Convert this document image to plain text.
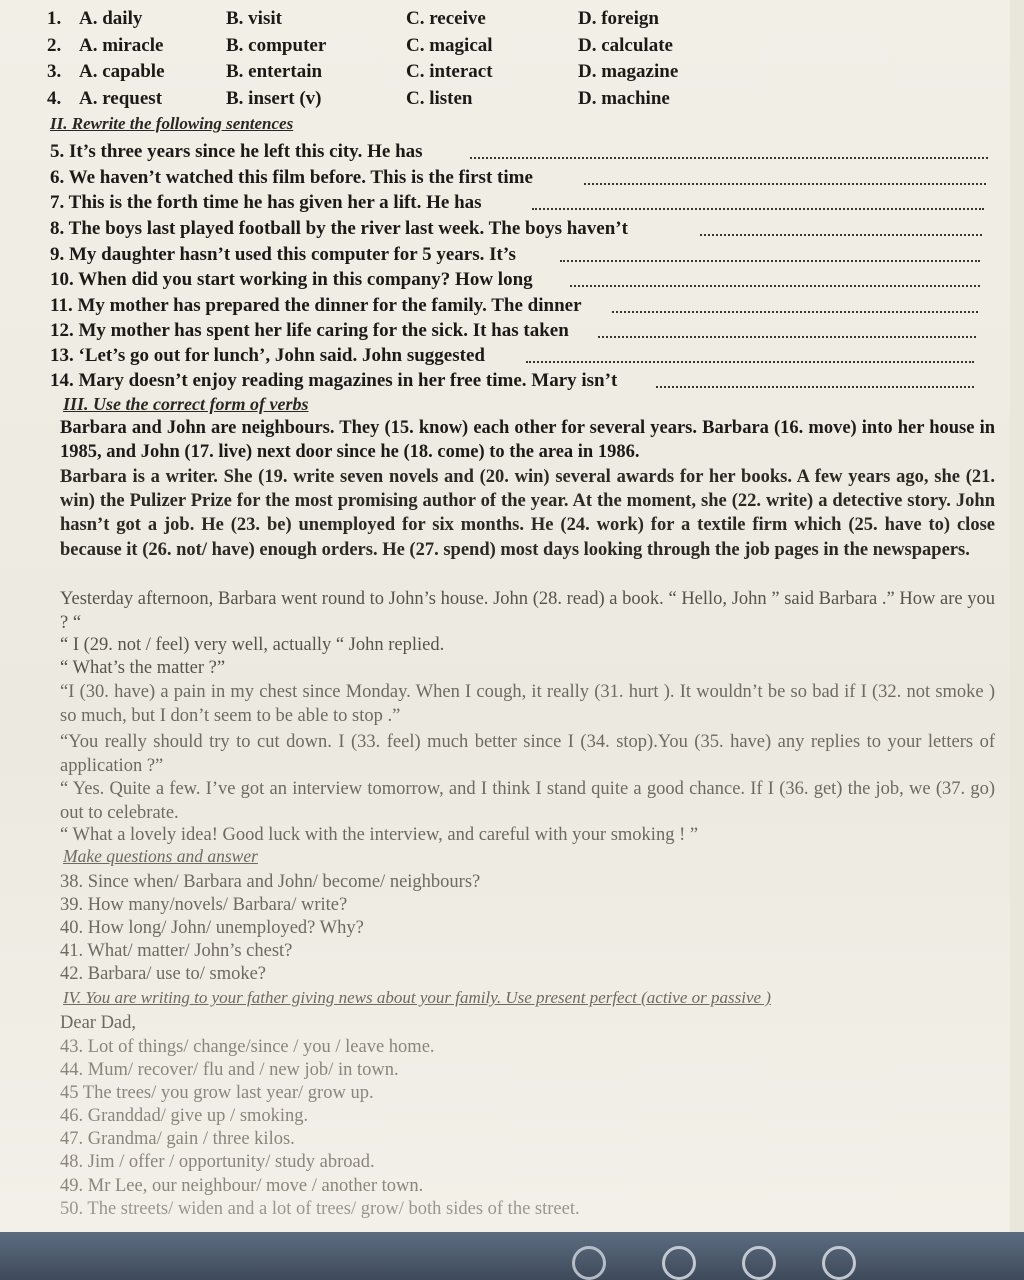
1. A. daily	B. visit	C. receive	D. foreign
2. A. miracle	B. computer	C. magical	D. calculate
3. A. capable	B. entertain	C. interact	D. magazine
4. A. request	B. insert (v)	C. listen	D. machine
II. Rewrite the following sentences
5. It’s three years since he left this city. He has
6. We haven’t watched this film before. This is the first time
7. This is the forth time he has given her a lift. He has
8. The boys last played football by the river last week. The boys haven’t
9. My daughter hasn’t used this computer for 5 years. It’s
10. When did you start working in this company? How long
11. My mother has prepared the dinner for the family. The dinner
12. My mother has spent her life caring for the sick. It has taken
13. ‘Let’s go out for lunch’, John said. John suggested
14. Mary doesn’t enjoy reading magazines in her free time. Mary isn’t
III. Use the correct form of verbs
Barbara and John are neighbours. They (15. know) each other for several years. Barbara (16. move) into her house in 1985, and John (17. live) next door since he (18. come) to the area in 1986.
Barbara is a writer. She (19. write seven novels and (20. win) several awards for her books. A few years ago, she (21. win) the Pulizer Prize for the most promising author of the year. At the moment, she (22. write) a detective story. John hasn’t got a job. He (23. be) unemployed for six months. He (24. work) for a textile firm which (25. have to) close because it (26. not/ have) enough orders. He (27. spend) most days looking through the job pages in the newspapers.
Yesterday afternoon, Barbara went round to John’s house. John (28. read) a book. “ Hello, John ” said Barbara .” How are you ? “
“ I (29. not / feel) very well, actually “ John replied.
“ What’s the matter ?”
“I (30. have) a pain in my chest since Monday. When I cough, it really (31. hurt ). It wouldn’t be so bad if I (32. not smoke ) so much, but I don’t seem to be able to stop .”
“You really should try to cut down. I (33. feel) much better since I (34. stop).You (35. have) any replies to your letters of application ?”
“ Yes. Quite a few. I’ve got an interview tomorrow, and I think I stand quite a good chance. If I (36. get) the job, we (37. go) out to celebrate.
“ What a lovely idea! Good luck with the interview, and careful with your smoking ! ”
Make questions and answer
38. Since when/ Barbara and John/ become/ neighbours?
39. How many/novels/ Barbara/ write?
40. How long/ John/ unemployed? Why?
41. What/ matter/ John’s chest?
42. Barbara/ use to/ smoke?
IV. You are writing to your father giving news about your family. Use present perfect (active or passive )
Dear Dad,
43. Lot of things/ change/since / you / leave home.
44. Mum/ recover/ flu and / new job/ in town.
45 The trees/ you grow last year/ grow up.
46. Granddad/ give up / smoking.
47. Grandma/ gain / three kilos.
48. Jim / offer / opportunity/ study abroad.
49. Mr Lee, our neighbour/ move / another town.
50. The streets/ widen and a lot of trees/ grow/ both sides of the street.
